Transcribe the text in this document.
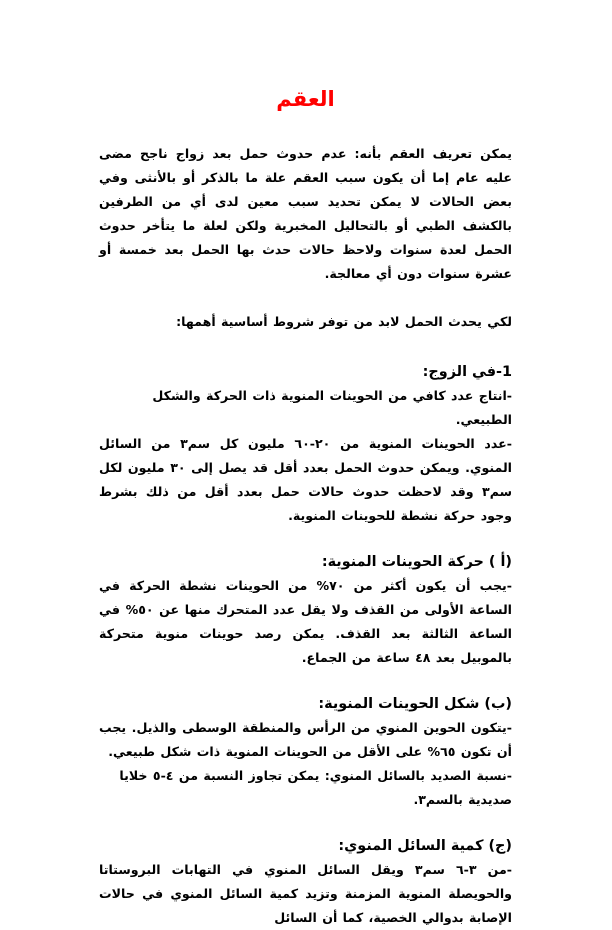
العقم

يمكن تعريف العقم بأنه: عدم حدوث حمل بعد زواج ناجح مضى عليه عام إما أن يكون سبب العقم علة ما بالذكر أو بالأنثى وفي بعض الحالات لا يمكن تحديد سبب معين لدى أي من الطرفين بالكشف الطبي أو بالتحاليل المخبرية ولكن لعلة ما يتأخر حدوث الحمل لعدة سنوات ولاحظ حالات حدث بها الحمل بعد خمسة أو عشرة سنوات دون أي معالجة.

لكي يحدث الحمل لابد من توفر شروط أساسية أهمها:

1-في الزوج:

-انتاج عدد كافي من الحوينات المنوية ذات الحركة والشكل الطبيعي.

-عدد الحوينات المنوية من ٢٠-٦٠ مليون كل سم٣ من السائل المنوي. ويمكن حدوث الحمل بعدد أقل قد يصل إلى ٣٠ مليون لكل سم٣ وقد لاحظت حدوث حالات حمل بعدد أقل من ذلك بشرط وجود حركة نشطة للحوينات المنوية.

(أ ) حركة الحوينات المنوية:

-يجب أن يكون أكثر من ٧٠% من الحوينات نشطة الحركة في الساعة الأولى من القذف ولا يقل عدد المتحرك منها عن ٥٠% في الساعة الثالثة بعد القذف. يمكن رصد حوينات منوية متحركة بالموبيل بعد ٤٨ ساعة من الجماع.

(ب) شكل الحوينات المنوية:

-يتكون الحوين المنوي من الرأس والمنطقة الوسطى والذيل. يجب أن تكون ٦٥% على الأقل من الحوينات المنوية ذات شكل طبيعي.

-نسبة الصديد بالسائل المنوي: يمكن تجاوز النسبة من ٤-٥ خلايا صديدية بالسم٣.

(ج) كمية السائل المنوي:

-من ٣-٦ سم٣ ويقل السائل المنوي في التهابات البروستاتا والحويصلة المنوية المزمنة وتزيد كمية السائل المنوي في حالات الإصابة بدوالي الخصية، كما أن السائل
